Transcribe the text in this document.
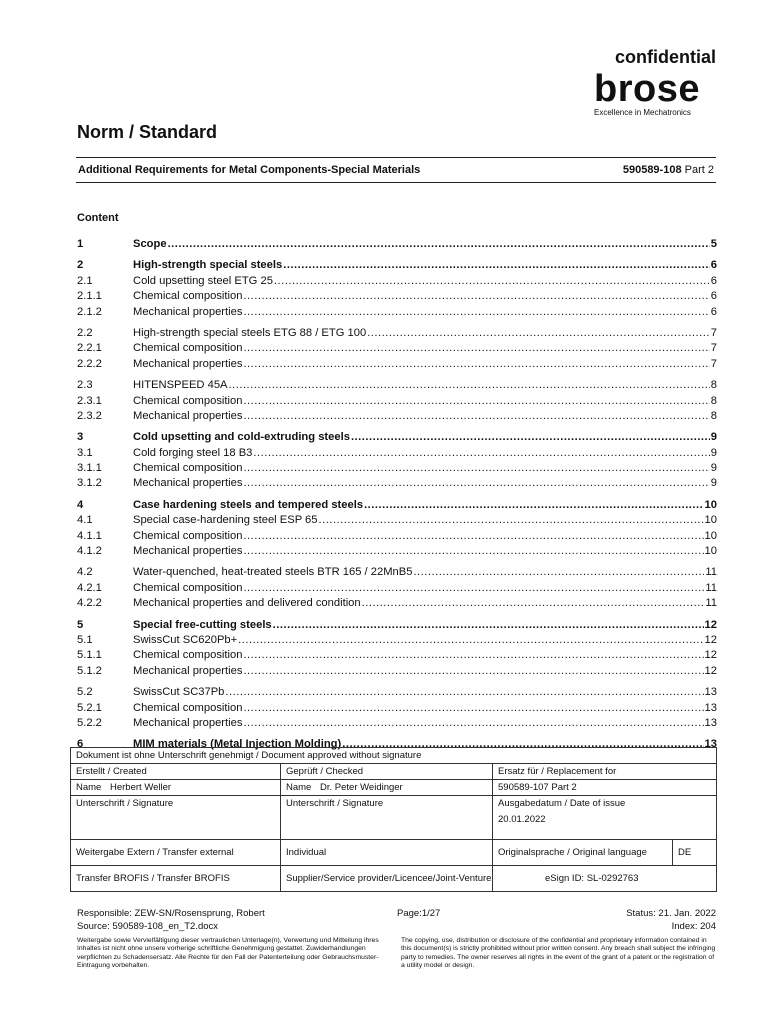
confidential
brose
Excellence in Mechatronics
Norm / Standard
Additional Requirements for Metal Components-Special Materials	590589-108 Part 2
Content
1	Scope .....	5
2	High-strength special steels .....	6
2.1	Cold upsetting steel ETG 25 .....	6
2.1.1	Chemical composition .....	6
2.1.2	Mechanical properties .....	6
2.2	High-strength special steels ETG 88 / ETG 100 .....	7
2.2.1	Chemical composition .....	7
2.2.2	Mechanical properties .....	7
2.3	HITENSPEED 45A .....	8
2.3.1	Chemical composition .....	8
2.3.2	Mechanical properties .....	8
3	Cold upsetting and cold-extruding steels .....	9
3.1	Cold forging steel 18 B3 .....	9
3.1.1	Chemical composition .....	9
3.1.2	Mechanical properties .....	9
4	Case hardening steels and tempered steels .....	10
4.1	Special case-hardening steel ESP 65 .....	10
4.1.1	Chemical composition .....	10
4.1.2	Mechanical properties .....	10
4.2	Water-quenched, heat-treated steels BTR 165 / 22MnB5 .....	11
4.2.1	Chemical composition .....	11
4.2.2	Mechanical properties and delivered condition .....	11
5	Special free-cutting steels .....	12
5.1	SwissCut SC620Pb+ .....	12
5.1.1	Chemical composition .....	12
5.1.2	Mechanical properties .....	12
5.2	SwissCut SC37Pb .....	13
5.2.1	Chemical composition .....	13
5.2.2	Mechanical properties .....	13
6	MIM materials (Metal Injection Molding) .....	13
Dokument ist ohne Unterschrift genehmigt / Document approved without signature			
Erstellt / Created	Geprüft / Checked	Ersatz für / Replacement for	
Name Herbert Weller	Name Dr. Peter Weidinger	590589-107 Part 2	
Unterschrift / Signature	Unterschrift / Signature	Ausgabedatum / Date of issue
20.01.2022	

Weitergabe Extern / Transfer external	Individual	Originalsprache / Original language	DE
Transfer BROFIS / Transfer BROFIS	Supplier/Service provider/Licencee/Joint-Venture	eSign ID: SL-0292763	
Responsible: ZEW-SN/Rosensprung, Robert	Page:1/27	Status: 21. Jan. 2022
Source: 590589-108_en_T2.docx	Index: 204
Weitergabe sowie Vervielfältigung dieser vertraulichen Unterlage(n), Verwertung und Mitteilung ihres Inhaltes ist nicht ohne unsere vorherige schriftliche Genehmigung gestattet. Zuwiderhandlungen verpflichten zu Schadensersatz. Alle Rechte für den Fall der Patenterteilung oder Gebrauchsmuster-Eintragung vorbehalten.
The copying, use, distribution or disclosure of the confidential and proprietary information contained in this document(s) is strictly prohibited without prior written consent. Any breach shall subject the infringing party to remedies. The owner reserves all rights in the event of the grant of a patent or the registration of a utility model or design.
